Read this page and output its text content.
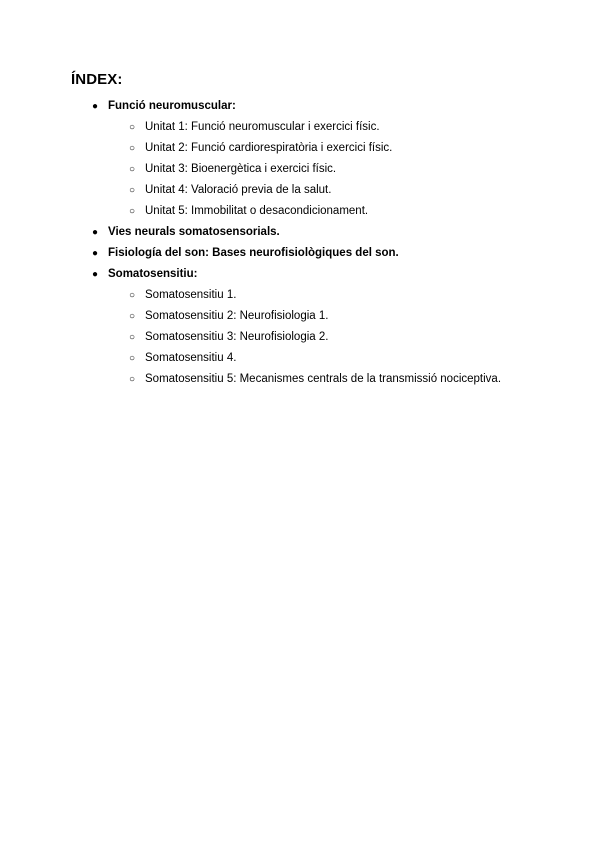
ÍNDEX:
● Funció neuromuscular:
○ Unitat 1: Funció neuromuscular i exercici físic.
○ Unitat 2: Funció cardiorespiratòria i exercici físic.
○ Unitat 3: Bioenergètica i exercici físic.
○ Unitat 4: Valoració previa de la salut.
○ Unitat 5: Immobilitat o desacondicionament.
● Vies neurals somatosensorials.
● Fisiología del son: Bases neurofisiològiques del son.
● Somatosensitiu:
○ Somatosensitiu 1.
○ Somatosensitiu 2: Neurofisiologia 1.
○ Somatosensitiu 3: Neurofisiologia 2.
○ Somatosensitiu 4.
○ Somatosensitiu 5: Mecanismes centrals de la transmissió nociceptiva.
